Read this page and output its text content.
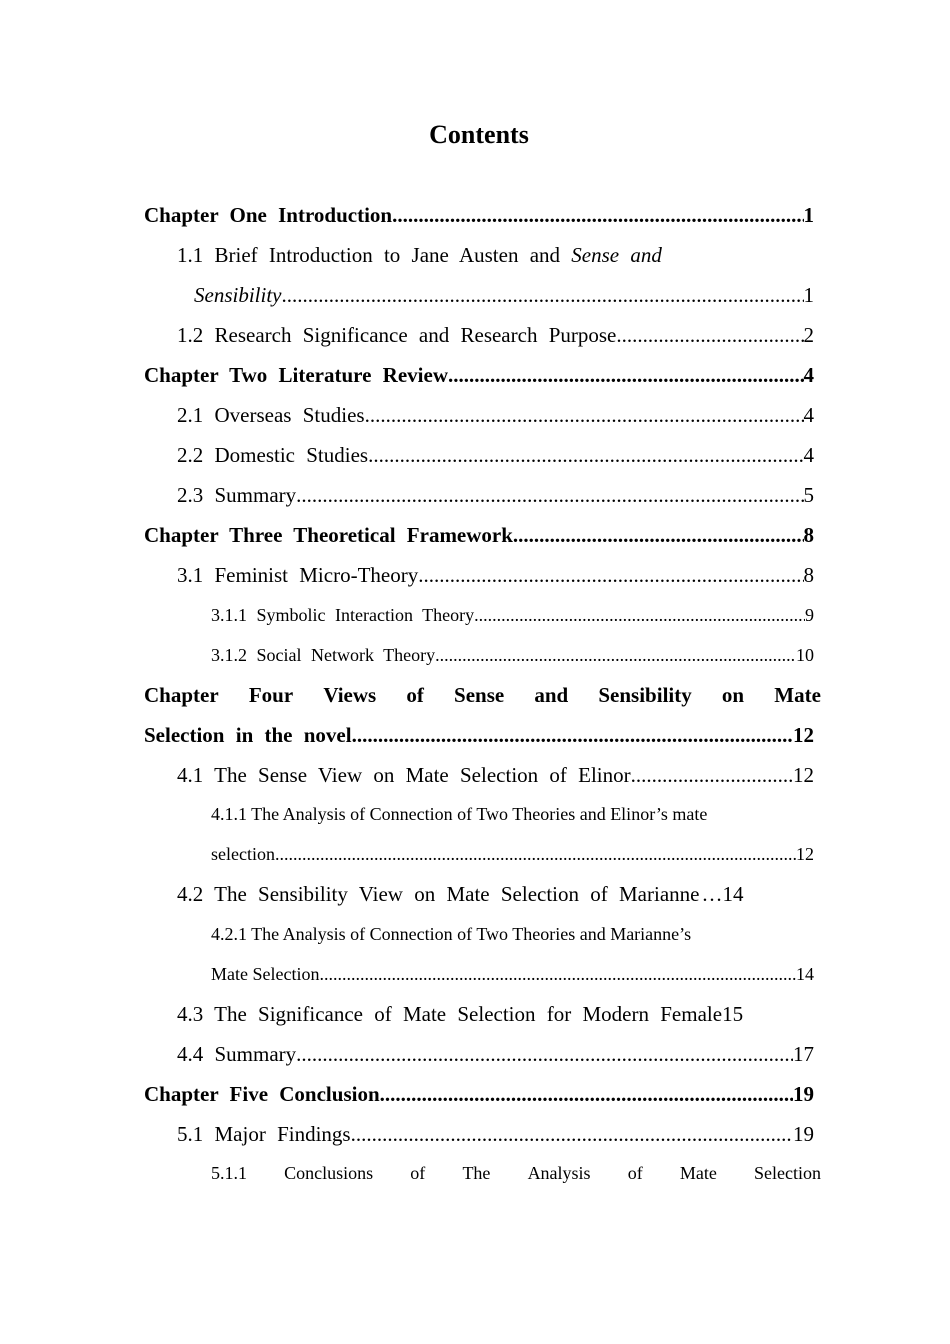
Contents
Chapter One Introduction .....	1
1.1 Brief Introduction to Jane Austen and Sense and
Sensibility .....	1
1.2 Research Significance and Research Purpose .....	2
Chapter Two Literature Review .....	4
2.1 Overseas Studies .....	4
2.2 Domestic Studies .....	4
2.3 Summary .....	5
Chapter Three Theoretical Framework .....	8
3.1 Feminist Micro-Theory .....	8
3.1.1 Symbolic Interaction Theory .....	9
3.1.2 Social Network Theory .....	10
Chapter Four Views of Sense and Sensibility on Mate
Selection in the novel .....	12
4.1 The Sense View on Mate Selection of Elinor .....	12
4.1.1 The Analysis of Connection of Two Theories and Elinor’s mate
selection .....	12
4.2 The Sensibility View on Mate Selection of Marianne … 14
4.2.1 The Analysis of Connection of Two Theories and Marianne’s
Mate Selection .....	14
4.3 The Significance of Mate Selection for Modern Female 15
4.4 Summary .....	17
Chapter Five Conclusion .....	19
5.1 Major Findings .....	19
5.1.1 Conclusions of The Analysis of Mate Selection
